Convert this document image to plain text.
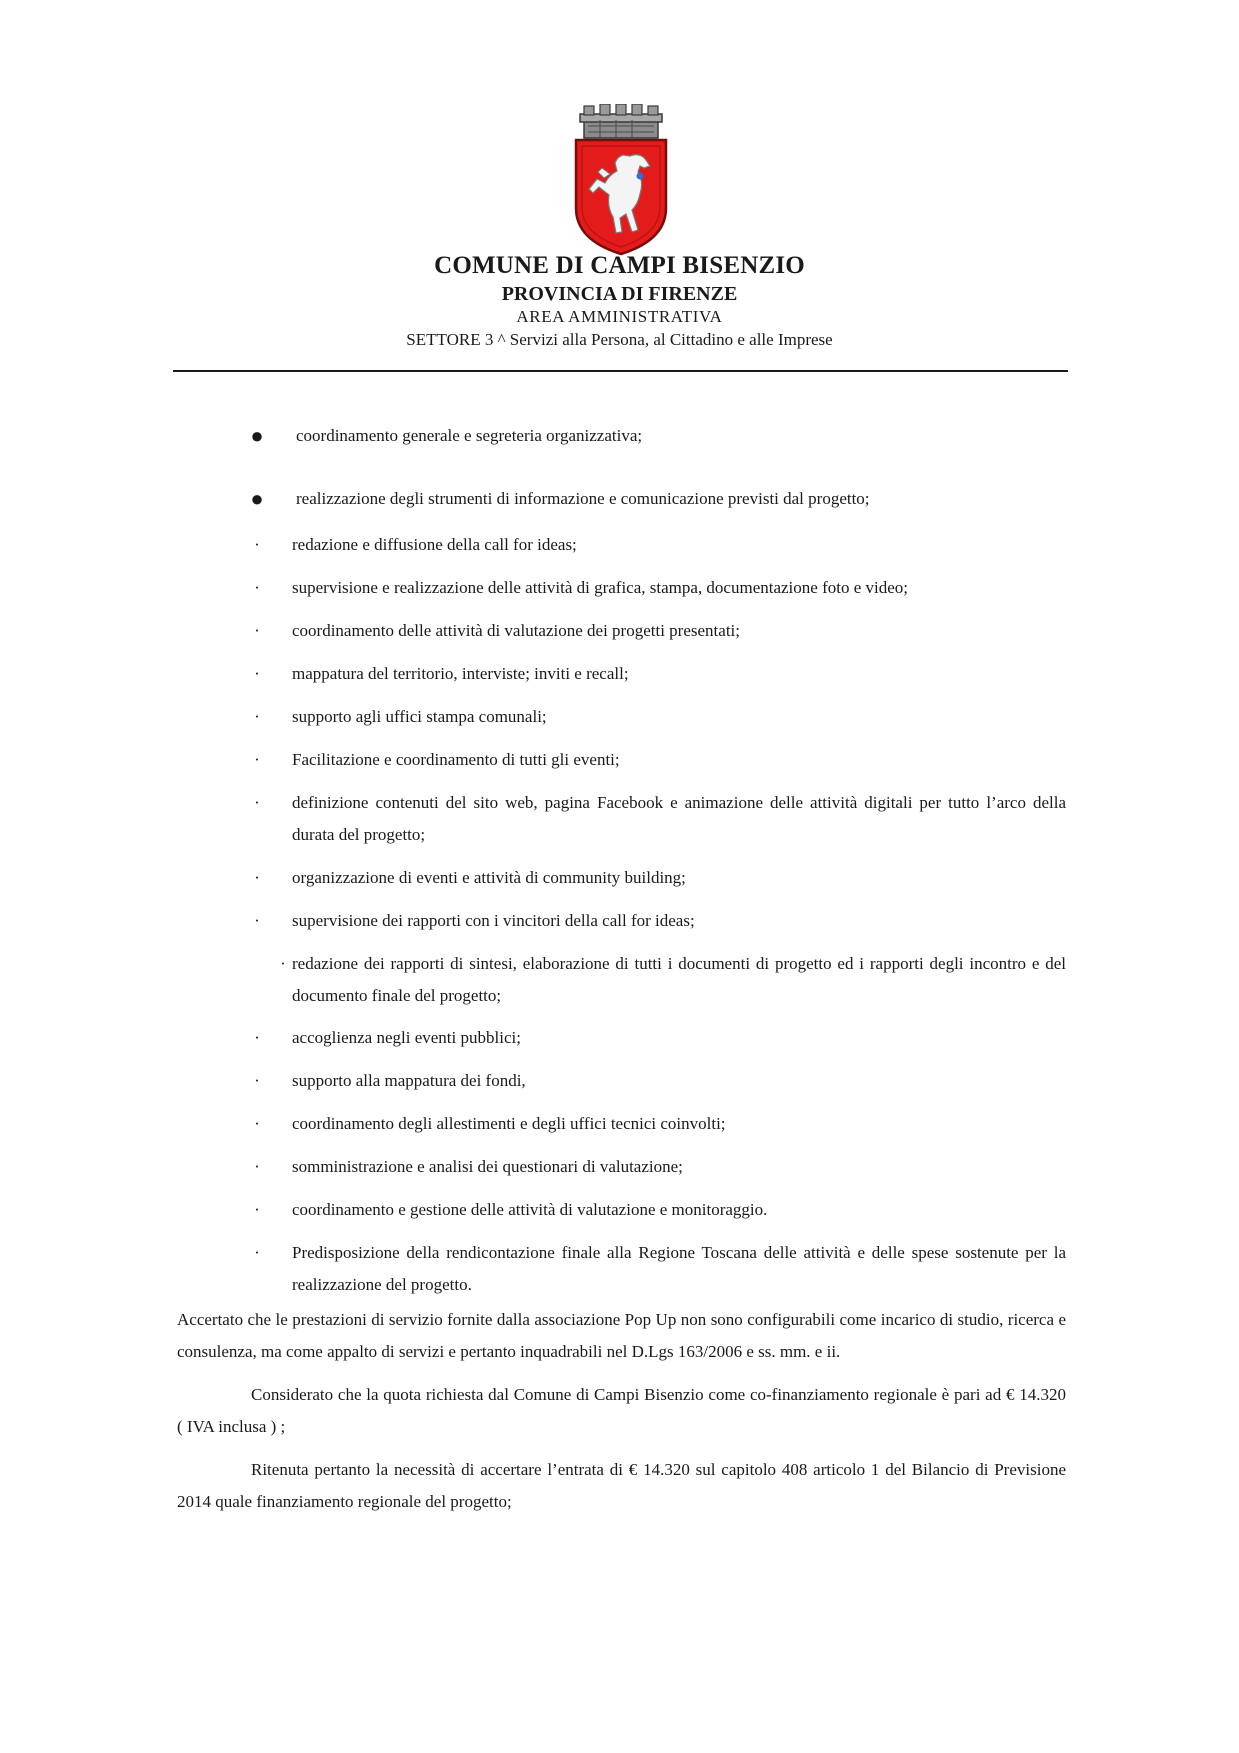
COMUNE DI CAMPI BISENZIO
PROVINCIA DI FIRENZE
AREA AMMINISTRATIVA
SETTORE 3 ^ Servizi alla Persona, al Cittadino e alle Imprese
● coordinamento generale e segreteria organizzativa;
● realizzazione degli strumenti di informazione e comunicazione previsti dal progetto;
· redazione e diffusione della call for ideas;
· supervisione e realizzazione delle attività di grafica, stampa, documentazione foto e video;
· coordinamento delle attività di valutazione dei progetti presentati;
· mappatura del territorio, interviste; inviti e recall;
· supporto agli uffici stampa comunali;
· Facilitazione e coordinamento di tutti gli eventi;
· definizione contenuti del sito web, pagina Facebook e animazione delle attività digitali per tutto l’arco della durata del progetto;
· organizzazione di eventi e attività di community building;
· supervisione dei rapporti con i vincitori della call for ideas;
· redazione dei rapporti di sintesi, elaborazione di tutti i documenti di progetto ed i rapporti degli incontro e del documento finale del progetto;
· accoglienza negli eventi pubblici;
· supporto alla mappatura dei fondi,
· coordinamento degli allestimenti e degli uffici tecnici coinvolti;
· somministrazione e analisi dei questionari di valutazione;
· coordinamento e gestione delle attività di valutazione e monitoraggio.
· Predisposizione della rendicontazione finale alla Regione Toscana delle attività e delle spese sostenute per la realizzazione del progetto.

Accertato che le prestazioni di servizio fornite dalla associazione Pop Up non sono configurabili come incarico di studio, ricerca e consulenza, ma come appalto di servizi e pertanto inquadrabili nel D.Lgs 163/2006 e ss. mm. e ii.

Considerato che la quota richiesta dal Comune di Campi Bisenzio come co-finanziamento regionale è pari ad € 14.320 ( IVA inclusa ) ;

Ritenuta pertanto la necessità di accertare l’entrata di € 14.320 sul capitolo 408 articolo 1 del Bilancio di Previsione 2014 quale finanziamento regionale del progetto;
